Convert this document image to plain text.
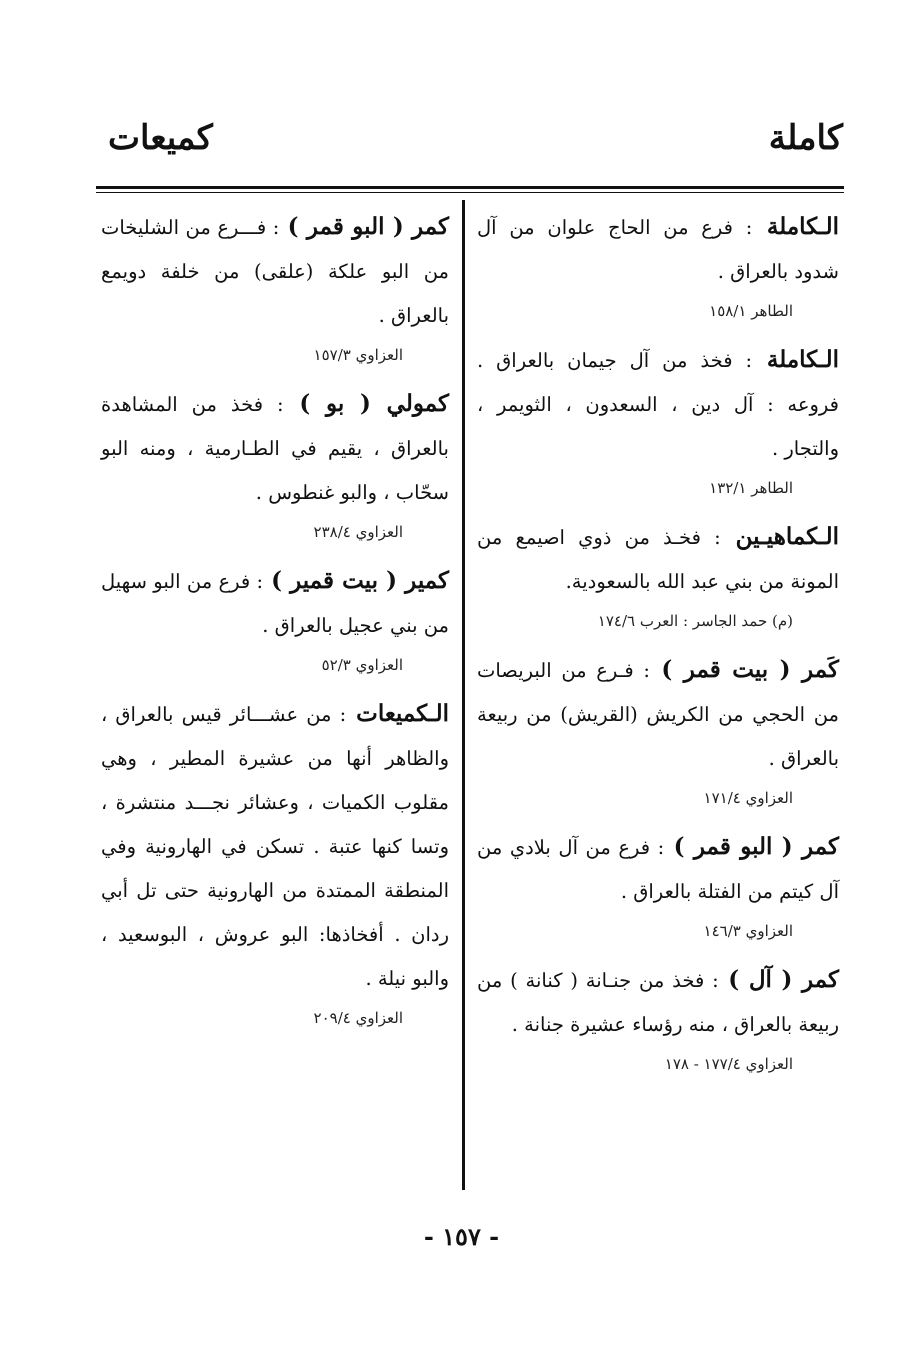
كاملة
كميعات

الـكاملة : فرع من الحاج علوان من آل شدود بالعراق .

الطاهر ١٥٨/١

الـكاملة : فخذ من آل جيمان بالعراق . فروعه : آل دين ، السعدون ، الثويمر ، والتجار .

الطاهر ١٣٢/١

الـكماهيـين : فخـذ من ذوي اصيمع من المونة من بني عبد الله بالسعودية.

(م) حمد الجاسر : العرب ١٧٤/٦

كَمر ( بيت قمر ) : فـرع من البريصات من الحجي من الكريش (القريش) من ربيعة بالعراق .

العزاوي ١٧١/٤

كمر ( البو قمر ) : فرع من آل بلادي من آل كيتم من الفتلة بالعراق .

العزاوي ١٤٦/٣

كمر ( آل ) : فخذ من جنـانة ( كنانة ) من ربيعة بالعراق ، منه رؤساء عشيرة جنانة .

العزاوي ١٧٧/٤ - ١٧٨

كمر ( البو قمر ) : فـــرع من الشليخات من البو علكة (علقى) من خلفة دويمع بالعراق .

العزاوي ١٥٧/٣

كمولي ( بو ) : فخذ من المشاهدة بالعراق ، يقيم في الطـارمية ، ومنه البو سحّاب ، والبو غنطوس .

العزاوي ٢٣٨/٤

كمير ( بيت قمير ) : فرع من البو سهيل من بني عجيل بالعراق .

العزاوي ٥٢/٣

الـكميعات : من عشـــائر قيس بالعراق ، والظاهر أنها من عشيرة المطير ، وهي مقلوب الكميات ، وعشائر نجـــد منتشرة ، وتسا كنها عتبة . تسكن في الهارونية وفي المنطقة الممتدة من الهارونية حتى تل أبي ردان . أفخاذها: البو عروش ، البوسعيد ، والبو نيلة .

العزاوي ٢٠٩/٤
- ١٥٧ -
